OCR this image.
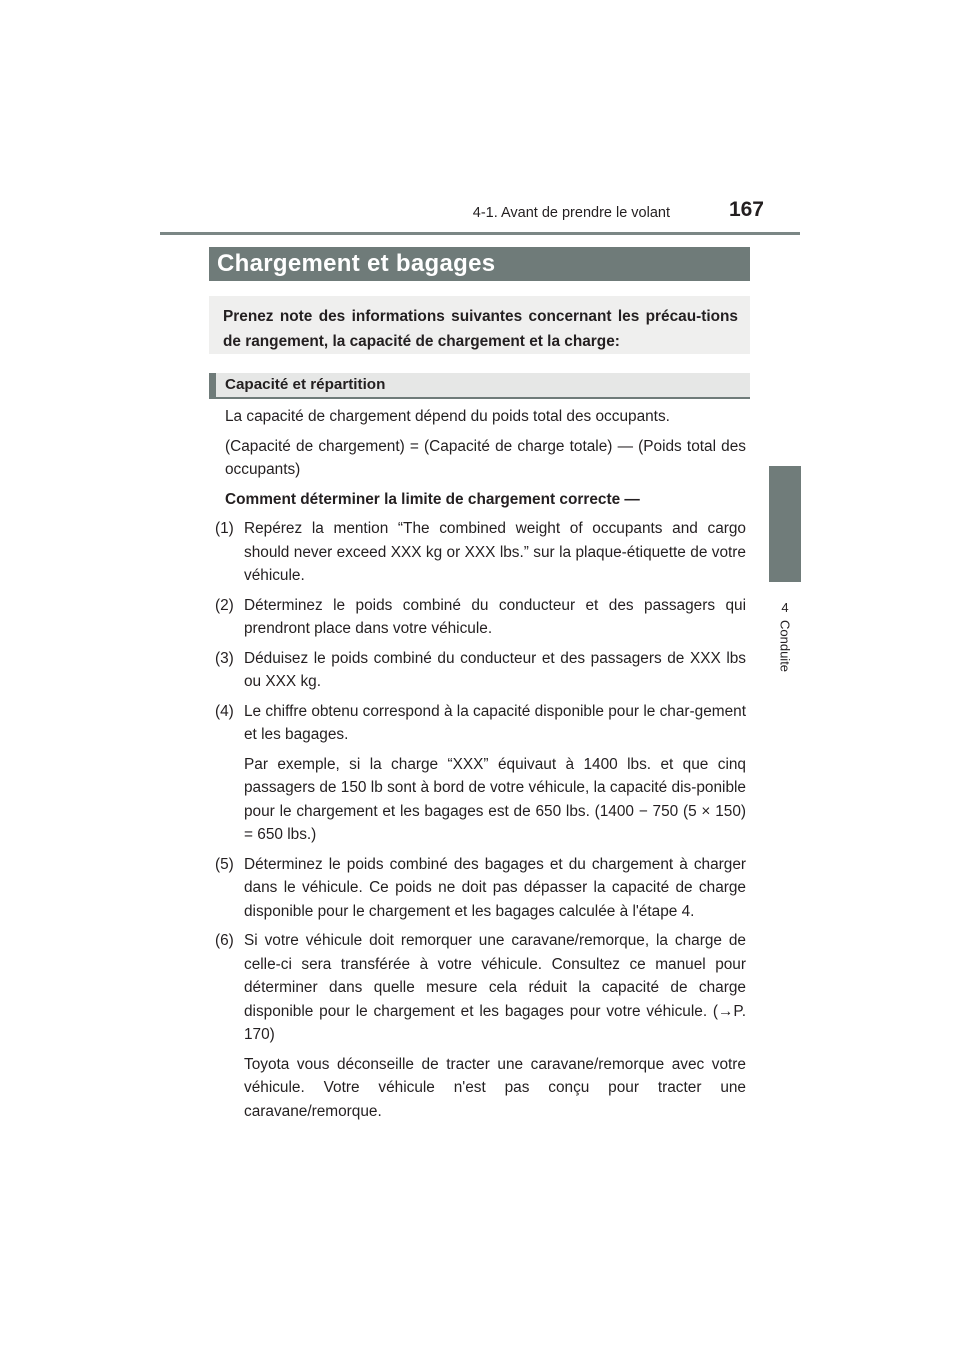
4-1. Avant de prendre le volant	167
4
Conduite
Chargement et bagages
Prenez note des informations suivantes concernant les précau-tions de rangement, la capacité de chargement et la charge:
Capacité et répartition

La capacité de chargement dépend du poids total des occupants.

(Capacité de chargement) = (Capacité de charge totale) — (Poids total des occupants)

Comment déterminer la limite de chargement correcte —

(1) Repérez la mention “The combined weight of occupants and cargo should never exceed XXX kg or XXX lbs.” sur la plaque-étiquette de votre véhicule.
(2) Déterminez le poids combiné du conducteur et des passagers qui prendront place dans votre véhicule.
(3) Déduisez le poids combiné du conducteur et des passagers de XXX lbs ou XXX kg.
(4) Le chiffre obtenu correspond à la capacité disponible pour le char-gement et les bagages.

Par exemple, si la charge “XXX” équivaut à 1400 lbs. et que cinq passagers de 150 lb sont à bord de votre véhicule, la capacité dis-ponible pour le chargement et les bagages est de 650 lbs. (1400 − 750 (5 × 150) = 650 lbs.)

(5) Déterminez le poids combiné des bagages et du chargement à charger dans le véhicule. Ce poids ne doit pas dépasser la capacité de charge disponible pour le chargement et les bagages calculée à l'étape 4.
(6) Si votre véhicule doit remorquer une caravane/remorque, la charge de celle-ci sera transférée à votre véhicule. Consultez ce manuel pour déterminer dans quelle mesure cela réduit la capacité de charge disponible pour le chargement et les bagages pour votre véhicule. (→P. 170)

Toyota vous déconseille de tracter une caravane/remorque avec votre véhicule. Votre véhicule n'est pas conçu pour tracter une caravane/remorque.
